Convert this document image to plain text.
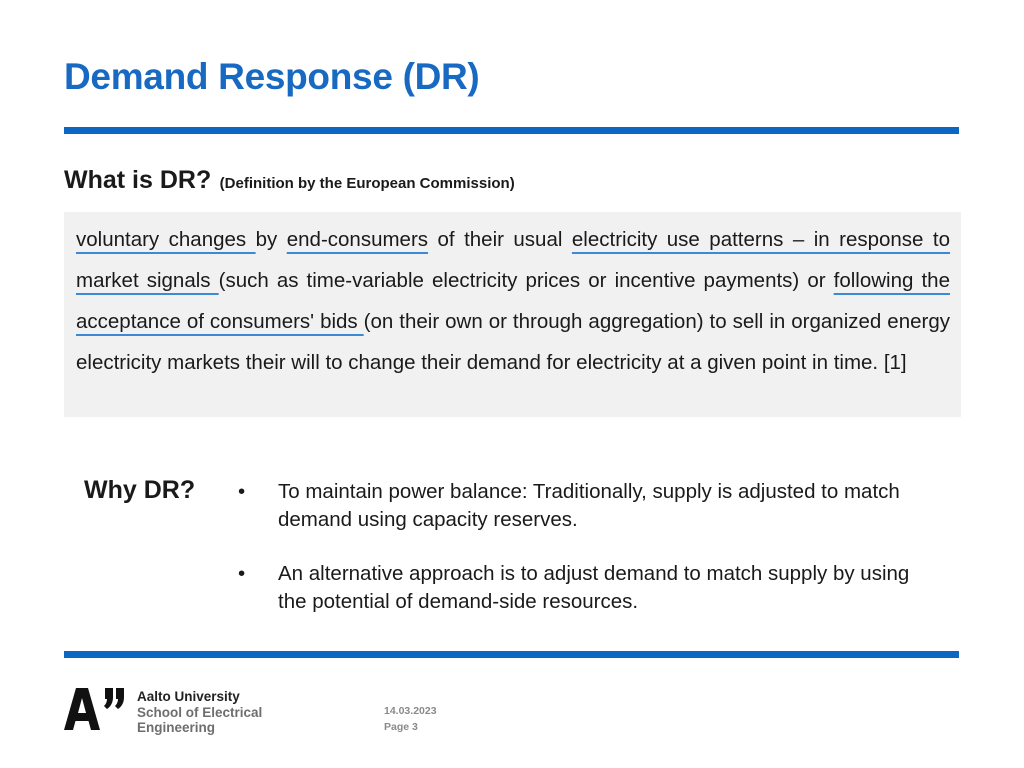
Demand Response (DR)
What is DR? (Definition by the European Commission)
voluntary changes by end-consumers of their usual electricity use patterns – in response to market signals (such as time-variable electricity prices or incentive payments) or following the acceptance of consumers' bids (on their own or through aggregation) to sell in organized energy electricity markets their will to change their demand for electricity at a given point in time. [1]
Why DR? • To maintain power balance: Traditionally, supply is adjusted to match demand using capacity reserves.
• An alternative approach is to adjust demand to match supply by using the potential of demand-side resources.
Aalto University
School of Electrical
Engineering
14.03.2023
Page 3
